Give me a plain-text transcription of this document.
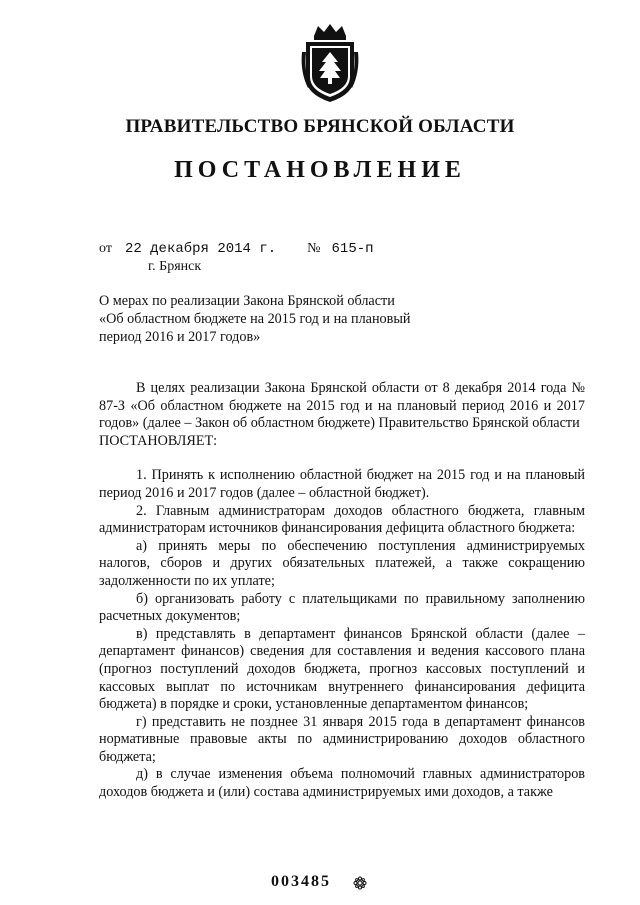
ПРАВИТЕЛЬСТВО БРЯНСКОЙ ОБЛАСТИ
ПОСТАНОВЛЕНИЕ
от 22 декабря 2014 г. № 615-п
г. Брянск
О мерах по реализации Закона Брянской области
«Об областном бюджете на 2015 год и на плановый
период 2016 и 2017 годов»

В целях реализации Закона Брянской области от 8 декабря 2014 года № 87-З «Об областном бюджете на 2015 год и на плановый период 2016 и 2017 годов» (далее – Закон об областном бюджете) Правительство Брянской области

ПОСТАНОВЛЯЕТ:

1. Принять к исполнению областной бюджет на 2015 год и на плановый период 2016 и 2017 годов (далее – областной бюджет).

2. Главным администраторам доходов областного бюджета, главным администраторам источников финансирования дефицита областного бюджета:

а) принять меры по обеспечению поступления администрируемых налогов, сборов и других обязательных платежей, а также сокращению задолженности по их уплате;

б) организовать работу с плательщиками по правильному заполнению расчетных документов;

в) представлять в департамент финансов Брянской области (далее – департамент финансов) сведения для составления и ведения кассового плана (прогноз поступлений доходов бюджета, прогноз кассовых поступлений и кассовых выплат по источникам внутреннего финансирования дефицита бюджета) в порядке и сроки, установленные департаментом финансов;

г) представить не позднее 31 января 2015 года в департамент финансов нормативные правовые акты по администрированию доходов областного бюджета;

д) в случае изменения объема полномочий главных администраторов доходов бюджета и (или) состава администрируемых ими доходов, а также

003485
